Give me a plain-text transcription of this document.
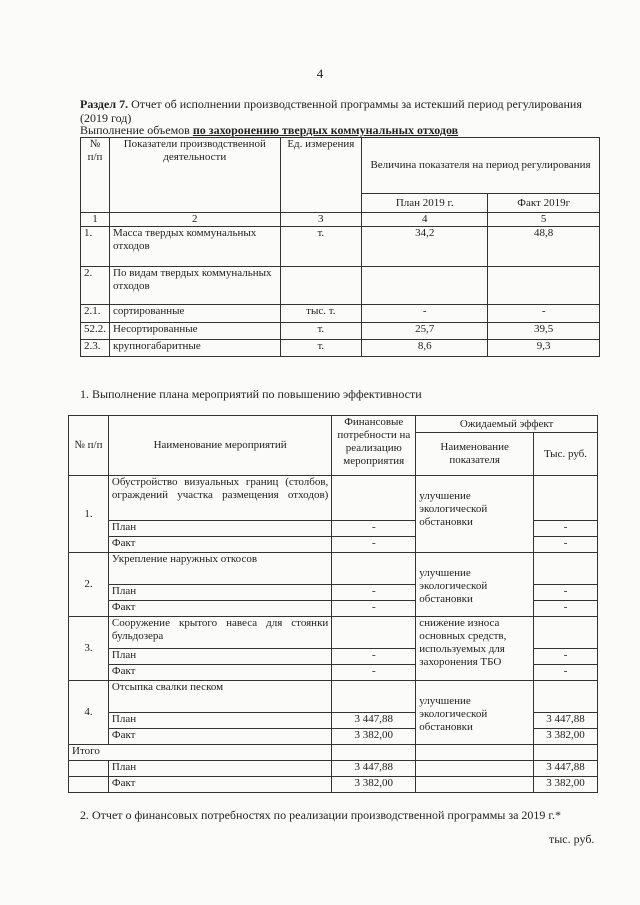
4
Раздел 7. Отчет об исполнении производственной программы за истекший период регулирования (2019 год)
Выполнение объемов по захоронению твердых коммунальных отходов
№ п/п	Показатели производственной деятельности	Ед. измерения	Величина показателя на период регулирования	
			План 2019 г.	Факт 2019г
1	2	3	4	5
1.	Масса твердых коммунальных отходов	т.	34,2	48,8
2.	По видам твердых коммунальных отходов			
2.1.	сортированные	тыс. т.	-	-
52.2.	Несортированные	т.	25,7	39,5
2.3.	крупногабаритные	т.	8,6	9,3
1. Выполнение плана мероприятий по повышению эффективности
№ п/п	Наименование мероприятий	Финансовые потребности на реализацию мероприятия	Ожидаемый эффект	
			Наименование показателя	Тыс. руб.
1.	Обустройство визуальных границ (столбов, ограждений участка размещения отходов)		улучшение экологической обстановки	

	План	-		-
	Факт	-		-
2.	Укрепление наружных откосов		улучшение экологической обстановки	

	План	-		-
	Факт	-		-
3.	Сооружение крытого навеса для стоянки бульдозера		снижение износа основных средств, используемых для захоронения ТБО	
	План	-		-
	Факт	-		-
4.	Отсыпка свалки песком		улучшение экологической обстановки	

	План	3 447,88		3 447,88
	Факт	3 382,00		3 382,00
Итого				
	План	3 447,88		3 447,88
	Факт	3 382,00		3 382,00
2. Отчет о финансовых потребностях по реализации производственной программы за 2019 г.*
тыс. руб.
